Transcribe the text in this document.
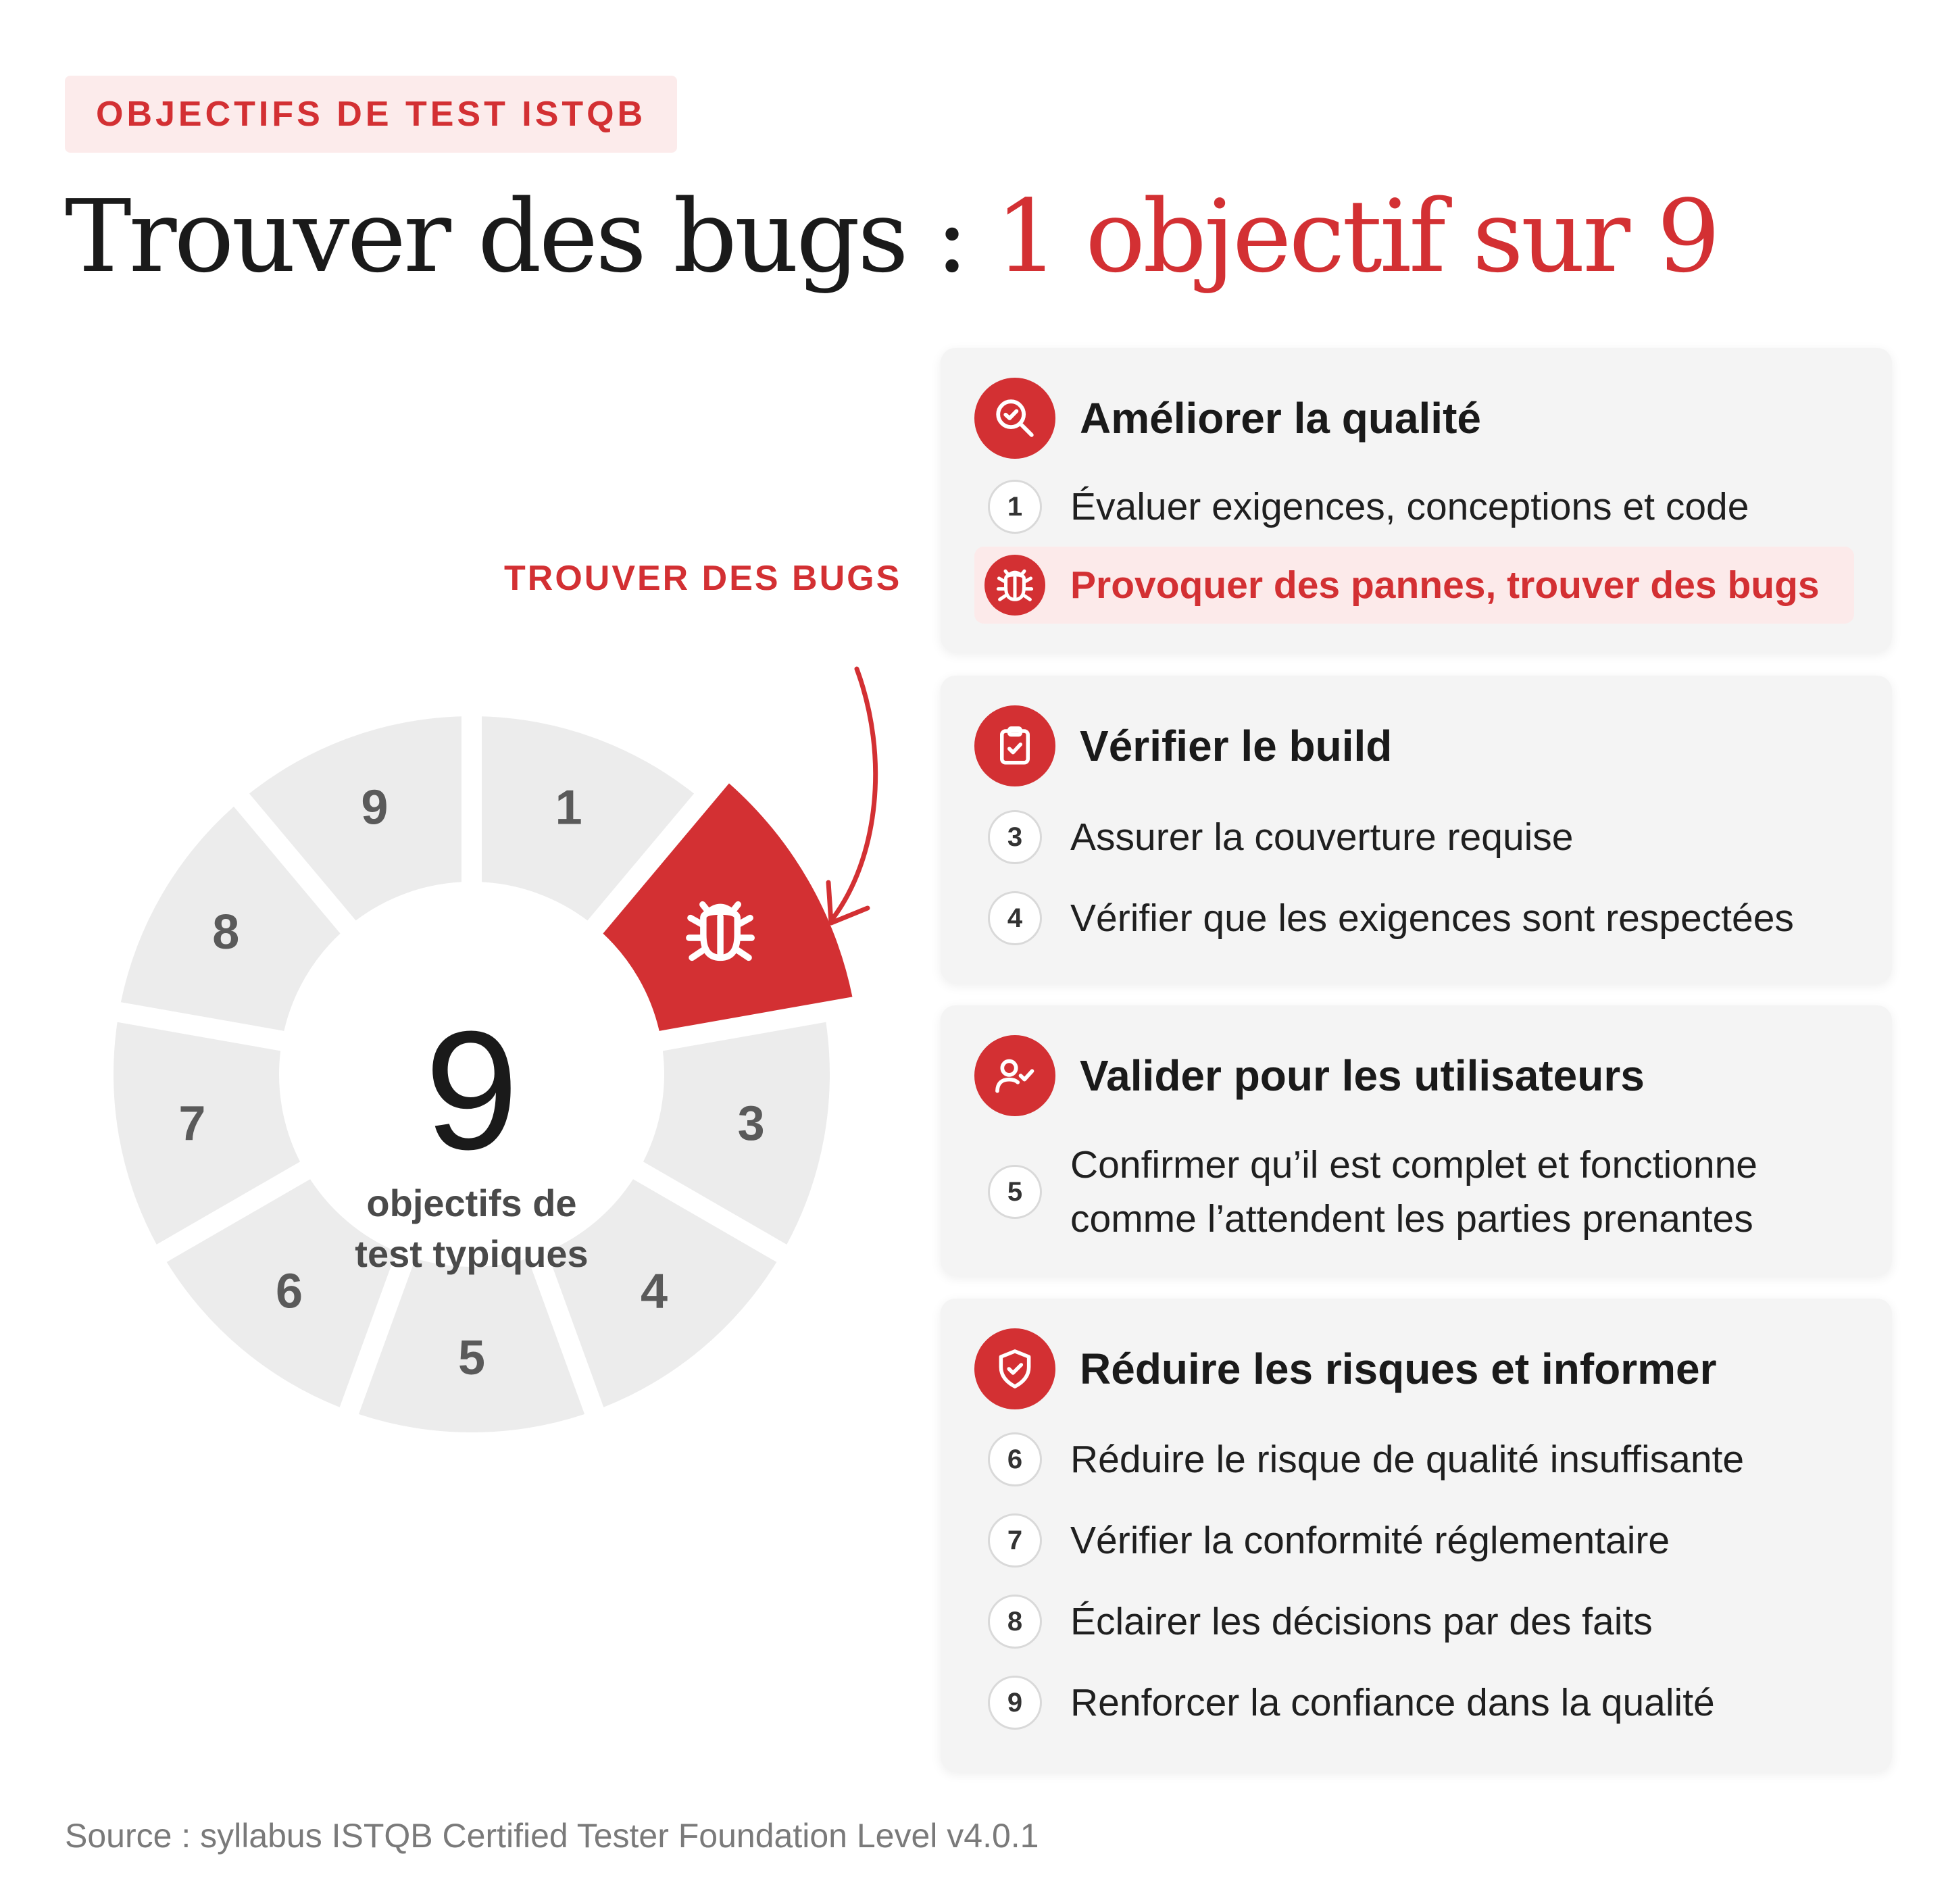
OBJECTIFS DE TEST ISTQB
Trouver des bugs : 1 objectif sur 9
TROUVER DES BUGS
1
3
4
5
6
7
8
9
9
objectifs de
test typiques
Améliorer la qualité
1	Évaluer exigences, conceptions et code
Provoquer des pannes, trouver des bugs
Vérifier le build
3	Assurer la couverture requise
4	Vérifier que les exigences sont respectées
Valider pour les utilisateurs
5
Confirmer qu’il est complet et fonctionne
comme l’attendent les parties prenantes
Réduire les risques et informer
6	Réduire le risque de qualité insuffisante
7	Vérifier la conformité réglementaire
8	Éclairer les décisions par des faits
9	Renforcer la confiance dans la qualité
Source : syllabus ISTQB Certified Tester Foundation Level v4.0.1
